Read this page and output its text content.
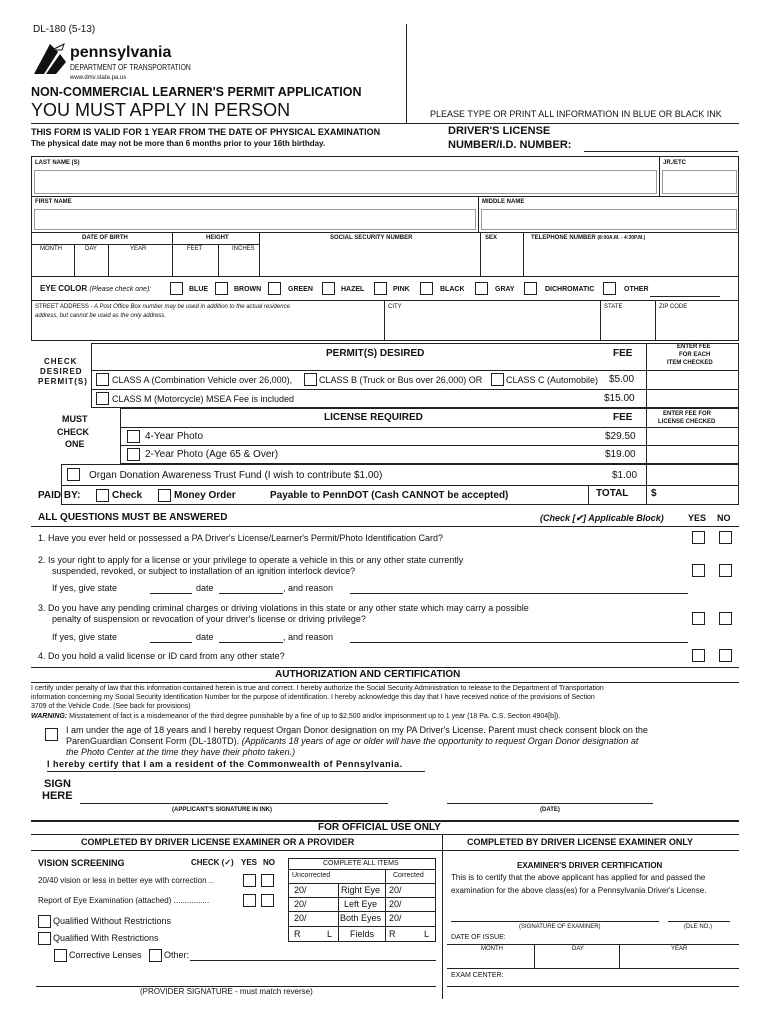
DL-180 (5-13)
pennsylvania
DEPARTMENT OF TRANSPORTATION
www.dmv.state.pa.us
NON-COMMERCIAL LEARNER'S PERMIT APPLICATION
YOU MUST APPLY IN PERSON	PLEASE TYPE OR PRINT ALL INFORMATION IN BLUE OR BLACK INK
THIS FORM IS VALID FOR 1 YEAR FROM THE DATE OF PHYSICAL EXAMINATION
The physical date may not be more than 6 months prior to your 16th birthday.
DRIVER'S LICENSE
NUMBER/I.D. NUMBER:
LAST NAME (S)	JR./ETC
FIRST NAME	MIDDLE NAME
DATE OF BIRTH
MONTH	DAY	YEAR
HEIGHT
FEET	INCHES
SOCIAL SECURITY NUMBER	SEX	TELEPHONE NUMBER (8:00A.M. - 4:30P.M.)
EYE COLOR (Please check one):	BLUE	BROWN	GREEN	HAZEL	PINK	BLACK	GRAY	DICHROMATIC	OTHER
STREET ADDRESS - A Post Office Box number may be used in addition to the actual residence
address, but cannot be used as the only address.
CITY	STATE	ZIP CODE
CHECK
DESIRED
PERMIT(S)
PERMIT(S) DESIRED	FEE
ENTER FEE
FOR EACH
ITEM CHECKED
CLASS A (Combination Vehicle over 26,000),	CLASS B (Truck or Bus over 26,000) OR	CLASS C (Automobile) $5.00
CLASS M (Motorcycle) MSEA Fee is included	$15.00
MUST
CHECK
ONE
LICENSE REQUIRED	FEE	ENTER FEE FOR
LICENSE CHECKED
4-Year Photo	$29.50
2-Year Photo (Age 65 & Over)	$19.00
Organ Donation Awareness Trust Fund (I wish to contribute $1.00)	$1.00
PAID BY:	Check	Money Order	Payable to PennDOT (Cash CANNOT be accepted)	TOTAL $
ALL QUESTIONS MUST BE ANSWERED	(Check [✔] Applicable Block)	YES NO
1. Have you ever held or possessed a PA Driver's License/Learner's Permit/Photo Identification Card?
2. Is your right to apply for a license or your privilege to operate a vehicle in this or any other state currently
suspended, revoked, or subject to installation of an ignition interlock device?
If yes, give state	date	, and reason
3. Do you have any pending criminal charges or driving violations in this state or any other state which may carry a possible
penalty of suspension or revocation of your driver's license or driving privilege?
If yes, give state	date	, and reason
4. Do you hold a valid license or ID card from any other state?
AUTHORIZATION AND CERTIFICATION
I certify under penalty of law that this information contained herein is true and correct. I hereby authorize the Social Security Administration to release to the Department of Transportation
information concerning my Social Security Identification Number for the purpose of identification. I hereby acknowledge this day that I have received notice of the provisions of Section
3709 of the Vehicle Code. (See back for provisions)
WARNING: Misstatement of fact is a misdemeanor of the third degree punishable by a fine of up to $2,500 and/or imprisonment up to 1 year (18 Pa. C.S. Section 4904[b]).
I am under the age of 18 years and I hereby request Organ Donor designation on my PA Driver's License. Parent must check consent block on the
ParenGuardian Consent Form (DL-180TD). (Applicants 18 years of age or older will have the opportunity to request Organ Donor designation at
the Photo Center at the time they have their photo taken.)
I hereby certify that I am a resident of the Commonwealth of Pennsylvania.
SIGN
HERE
(APPLICANT'S SIGNATURE IN INK)	(DATE)
FOR OFFICIAL USE ONLY
COMPLETED BY DRIVER LICENSE EXAMINER OR A PROVIDER	COMPLETED BY DRIVER LICENSE EXAMINER ONLY
VISION SCREENING	CHECK (✓) YES NO
20/40 vision or less in better eye with correction ..
Report of Eye Examination (attached) ................
COMPLETE ALL ITEMS
Uncorrected	Corrected
20/	Right Eye 20/
20/	Left Eye 20/
20/	Both Eyes 20/
R	L Fields R	L
Qualified Without Restrictions
Qualified With Restrictions
Corrective Lenses Other:
(PROVIDER SIGNATURE - must match reverse)
EXAMINER'S DRIVER CERTIFICATION
This is to certify that the above applicant has applied for and passed the
examination for the above class(es) for a Pennsylvania Driver's License.
(SIGNATURE OF EXAMINER)	(DLE NO.)
DATE OF ISSUE:
MONTH	DAY	YEAR
EXAM CENTER:
